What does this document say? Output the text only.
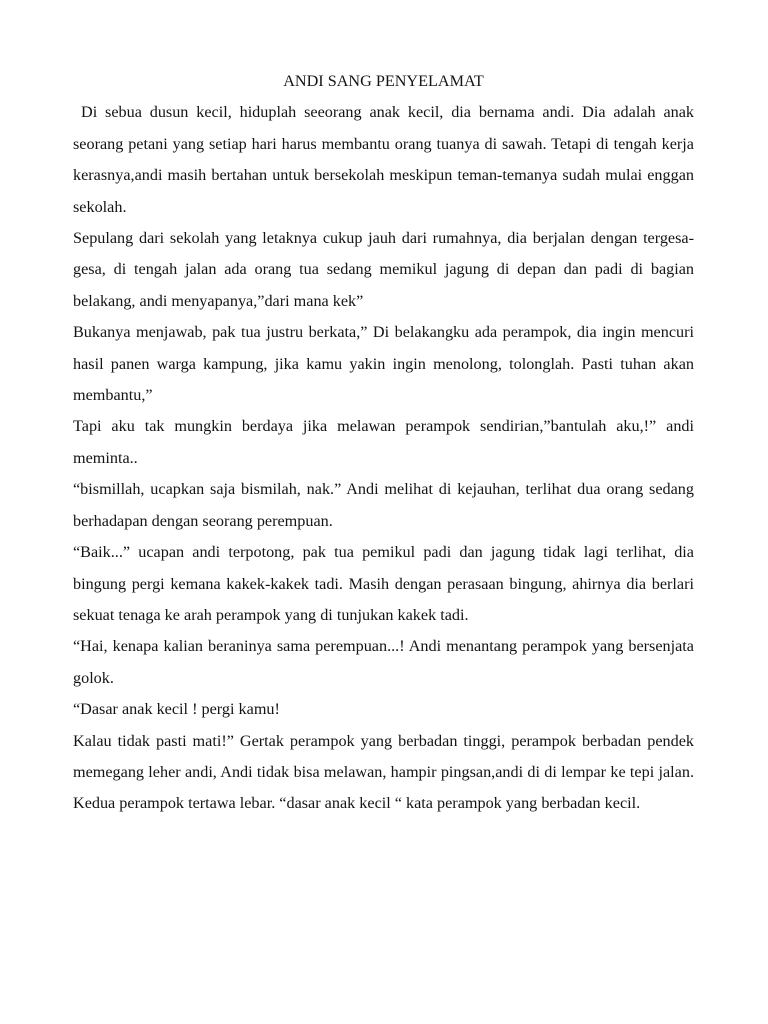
ANDI SANG PENYELAMAT

Di sebua dusun kecil, hiduplah seeorang anak kecil, dia bernama andi. Dia adalah anak seorang petani yang setiap hari harus membantu orang tuanya di sawah. Tetapi di tengah kerja kerasnya,andi masih bertahan untuk bersekolah meskipun teman-temanya sudah mulai enggan sekolah.

Sepulang dari sekolah yang letaknya cukup jauh dari rumahnya, dia berjalan dengan tergesa-gesa, di tengah jalan ada orang tua sedang memikul jagung di depan dan padi di bagian belakang, andi menyapanya,”dari mana kek”

Bukanya menjawab, pak tua justru berkata,” Di belakangku ada perampok, dia ingin mencuri hasil panen warga kampung, jika kamu yakin ingin menolong, tolonglah. Pasti tuhan akan membantu,”

Tapi aku tak mungkin berdaya jika melawan perampok sendirian,”bantulah aku,!” andi meminta..

“bismillah, ucapkan saja bismilah, nak.” Andi melihat di kejauhan, terlihat dua orang sedang berhadapan dengan seorang perempuan.

“Baik...” ucapan andi terpotong, pak tua pemikul padi dan jagung tidak lagi terlihat, dia bingung pergi kemana kakek-kakek tadi. Masih dengan perasaan bingung, ahirnya dia berlari sekuat tenaga ke arah perampok yang di tunjukan kakek tadi.

“Hai, kenapa kalian beraninya sama perempuan...! Andi menantang perampok yang bersenjata golok.

“Dasar anak kecil ! pergi kamu!

Kalau tidak pasti mati!” Gertak perampok yang berbadan tinggi, perampok berbadan pendek memegang leher andi, Andi tidak bisa melawan, hampir pingsan,andi di di lempar ke tepi jalan. Kedua perampok tertawa lebar. “dasar anak kecil “ kata perampok yang berbadan kecil.
